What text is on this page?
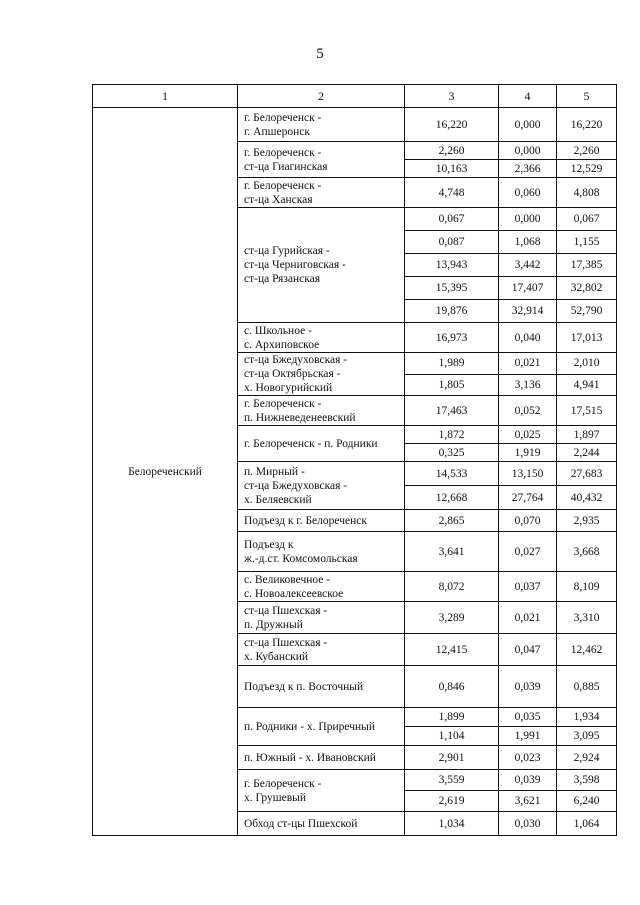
5
1	2	3	4	5
Белореченский	г. Белореченск -
г. Апшеронск	16,220	0,000	16,220

	г. Белореченск -
ст-ца Гиагинская	2,260	0,000	2,260
		10,163	2,366	12,529

	г. Белореченск -
ст-ца Ханская	4,748	0,060	4,808

	ст-ца Гурийская -
ст-ца Черниговская -
ст-ца Рязанская	0,067	0,000	0,067
		0,087	1,068	1,155
		13,943	3,442	17,385
		15,395	17,407	32,802
		19,876	32,914	52,790

	с. Школьное -
с. Архиповское	16,973	0,040	17,013

	ст-ца Бжедуховская -
ст-ца Октябрьская -
х. Новогурийский	1,989	0,021	2,010
		1,805	3,136	4,941

	г. Белореченск -
п. Нижневеденеевский	17,463	0,052	17,515

	г. Белореченск - п. Родники	1,872	0,025	1,897
		0,325	1,919	2,244

	п. Мирный -
ст-ца Бжедуховская -
х. Беляевский	14,533	13,150	27,683
		12,668	27,764	40,432

	Подъезд к г. Белореченск	2,865	0,070	2,935

	Подъезд к
ж.-д.ст. Комсомольская	3,641	0,027	3,668

	с. Великовечное -
с. Новоалексеевское	8,072	0,037	8,109

	ст-ца Пшехская -
п. Дружный	3,289	0,021	3,310

	ст-ца Пшехская -
х. Кубанский	12,415	0,047	12,462

	Подъезд к п. Восточный	0,846	0,039	0,885

	п. Родники - х. Приречный	1,899	0,035	1,934
		1,104	1,991	3,095

	п. Южный - х. Ивановский	2,901	0,023	2,924

	г. Белореченск -
х. Грушевый	3,559	0,039	3,598
		2,619	3,621	6,240

	Обход ст-цы Пшехской	1,034	0,030	1,064
